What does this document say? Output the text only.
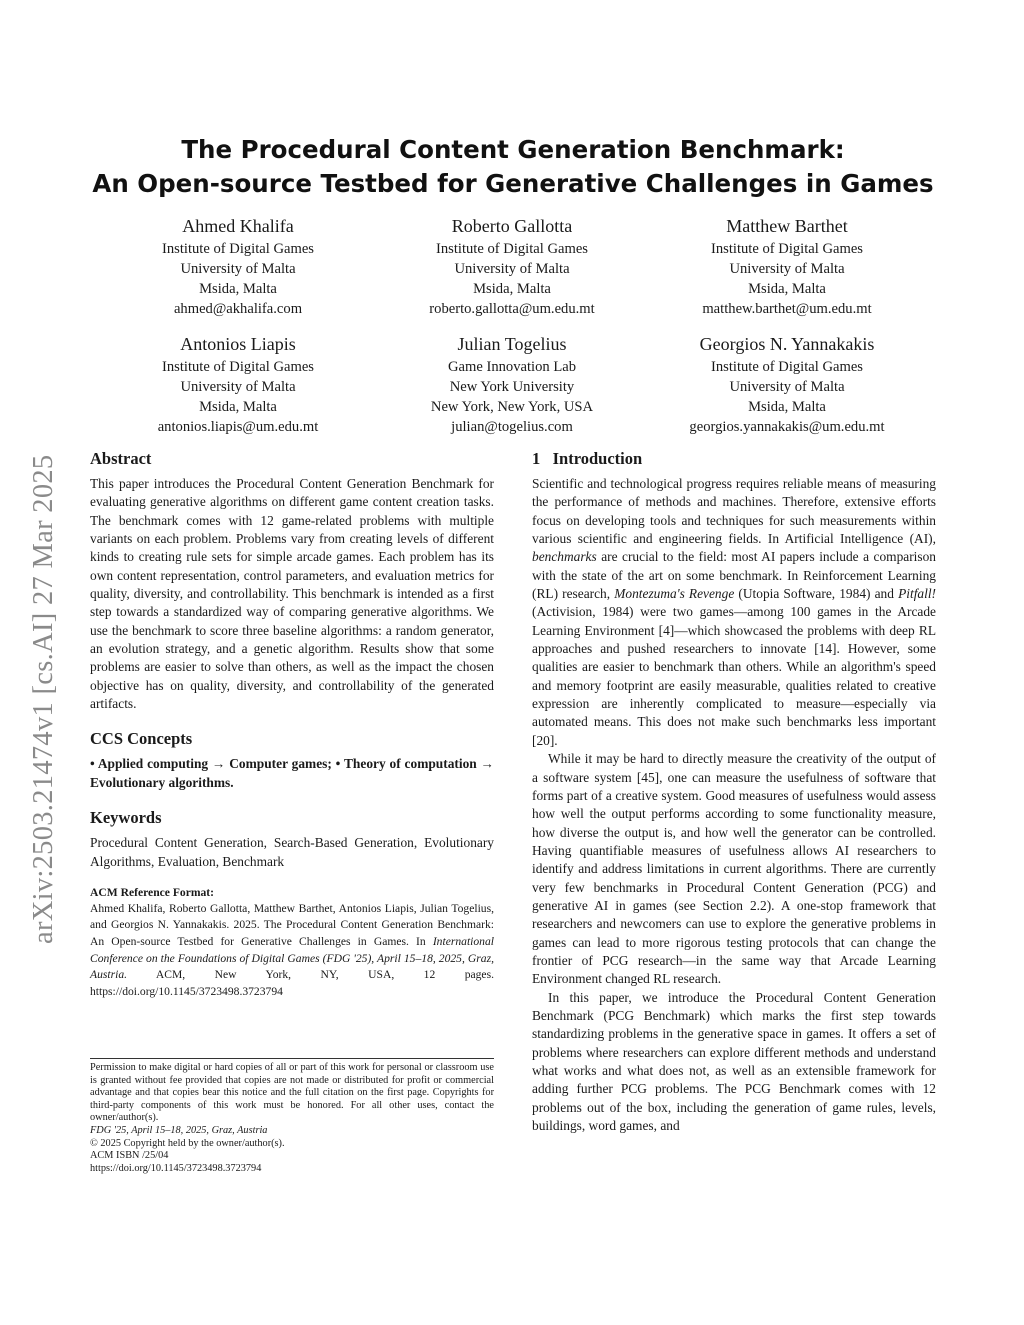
arXiv:2503.21474v1 [cs.AI] 27 Mar 2025
The Procedural Content Generation Benchmark:
An Open-source Testbed for Generative Challenges in Games
Ahmed Khalifa
Institute of Digital Games
University of Malta
Msida, Malta
ahmed@akhalifa.com
Roberto Gallotta
Institute of Digital Games
University of Malta
Msida, Malta
roberto.gallotta@um.edu.mt
Matthew Barthet
Institute of Digital Games
University of Malta
Msida, Malta
matthew.barthet@um.edu.mt
Antonios Liapis
Institute of Digital Games
University of Malta
Msida, Malta
antonios.liapis@um.edu.mt
Julian Togelius
Game Innovation Lab
New York University
New York, New York, USA
julian@togelius.com
Georgios N. Yannakakis
Institute of Digital Games
University of Malta
Msida, Malta
georgios.yannakakis@um.edu.mt
Abstract

This paper introduces the Procedural Content Generation Benchmark for evaluating generative algorithms on different game content creation tasks. The benchmark comes with 12 game-related problems with multiple variants on each problem. Problems vary from creating levels of different kinds to creating rule sets for simple arcade games. Each problem has its own content representation, control parameters, and evaluation metrics for quality, diversity, and controllability. This benchmark is intended as a first step towards a standardized way of comparing generative algorithms. We use the benchmark to score three baseline algorithms: a random generator, an evolution strategy, and a genetic algorithm. Results show that some problems are easier to solve than others, as well as the impact the chosen objective has on quality, diversity, and controllability of the generated artifacts.

CCS Concepts

• Applied computing → Computer games; • Theory of computation → Evolutionary algorithms.

Keywords

Procedural Content Generation, Search-Based Generation, Evolutionary Algorithms, Evaluation, Benchmark

ACM Reference Format:

Ahmed Khalifa, Roberto Gallotta, Matthew Barthet, Antonios Liapis, Julian Togelius, and Georgios N. Yannakakis. 2025. The Procedural Content Generation Benchmark: An Open-source Testbed for Generative Challenges in Games. In International Conference on the Foundations of Digital Games (FDG '25), April 15–18, 2025, Graz, Austria. ACM, New York, NY, USA, 12 pages. https://doi.org/10.1145/3723498.3723794

Permission to make digital or hard copies of all or part of this work for personal or classroom use is granted without fee provided that copies are not made or distributed for profit or commercial advantage and that copies bear this notice and the full citation on the first page. Copyrights for third-party components of this work must be honored. For all other uses, contact the owner/author(s).

FDG '25, April 15–18, 2025, Graz, Austria
© 2025 Copyright held by the owner/author(s).
ACM ISBN /25/04
https://doi.org/10.1145/3723498.3723794
1   Introduction

Scientific and technological progress requires reliable means of measuring the performance of methods and machines. Therefore, extensive efforts focus on developing tools and techniques for such measurements within various scientific and engineering fields. In Artificial Intelligence (AI), benchmarks are crucial to the field: most AI papers include a comparison with the state of the art on some benchmark. In Reinforcement Learning (RL) research, Montezuma's Revenge (Utopia Software, 1984) and Pitfall! (Activision, 1984) were two games—among 100 games in the Arcade Learning Environment [4]—which showcased the problems with deep RL approaches and pushed researchers to innovate [14]. However, some qualities are easier to benchmark than others. While an algorithm's speed and memory footprint are easily measurable, qualities related to creative expression are inherently complicated to measure—especially via automated means. This does not make such benchmarks less important [20].

While it may be hard to directly measure the creativity of the output of a software system [45], one can measure the usefulness of software that forms part of a creative system. Good measures of usefulness would assess how well the output performs according to some functionality measure, how diverse the output is, and how well the generator can be controlled. Having quantifiable measures of usefulness allows AI researchers to identify and address limitations in current algorithms. There are currently very few benchmarks in Procedural Content Generation (PCG) and generative AI in games (see Section 2.2). A one-stop framework that researchers and newcomers can use to explore the generative problems in games can lead to more rigorous testing protocols that can change the frontier of PCG research—in the same way that Arcade Learning Environment changed RL research.

In this paper, we introduce the Procedural Content Generation Benchmark (PCG Benchmark) which marks the first step towards standardizing problems in the generative space in games. It offers a set of problems where researchers can explore different methods and understand what works and what does not, as well as an extensible framework for adding further PCG problems. The PCG Benchmark comes with 12 problems out of the box, including the generation of game rules, levels, buildings, word games, and
